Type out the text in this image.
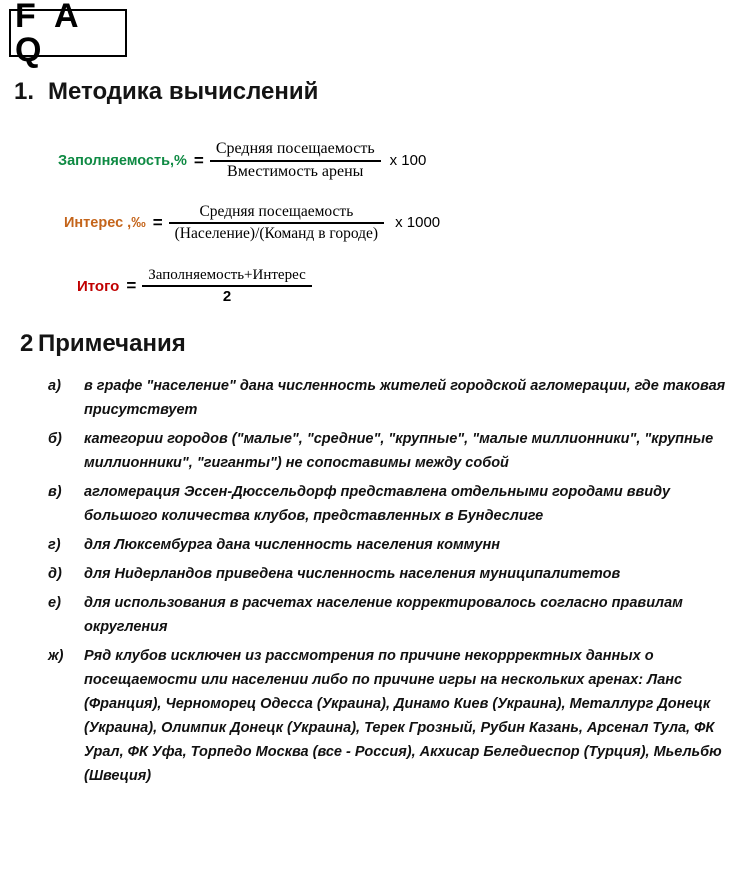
F A Q
1. Методика вычислений
Заполняемость,% = $\frac{\text{Средняя посещаемость}}{\text{Вместимость арены}}$ х 100
Интерес ,‰ = $\frac{\text{Средняя посещаемость}}{\text{(Население)/(Команд в городе)}}$ х 1000
Итого = $\frac{\text{Заполняемость+Интерес}}{2}$
2 Примечания
а)	в графе "население" дана численность жителей городской агломерации, где таковая присутствует
б)	категории городов ("малые", "средние", "крупные", "малые миллионники", "крупные миллионники", "гиганты") не сопоставимы между собой
в)	агломерация Эссен-Дюссельдорф представлена отдельными городами ввиду большого количества клубов, представленных в Бундеслиге
г)	для Люксембурга дана численность населения коммунн
д)	для Нидерландов приведена численность населения муниципалитетов
е)	для использования в расчетах население корректировалось согласно правилам округления
ж)	Ряд клубов исключен из рассмотрения по причине некоррректных данных о посещаемости или населении либо по причине игры на нескольких аренах: Ланс (Франция), Черноморец Одесса (Украина), Динамо Киев (Украина), Металлург Донецк (Украина), Олимпик Донецк (Украина), Терек Грозный, Рубин Казань, Арсенал Тула, ФК Урал, ФК Уфа, Торпедо Москва (все - Россия), Акхисар Беледиеспор (Турция), Мьельбю (Швеция)
